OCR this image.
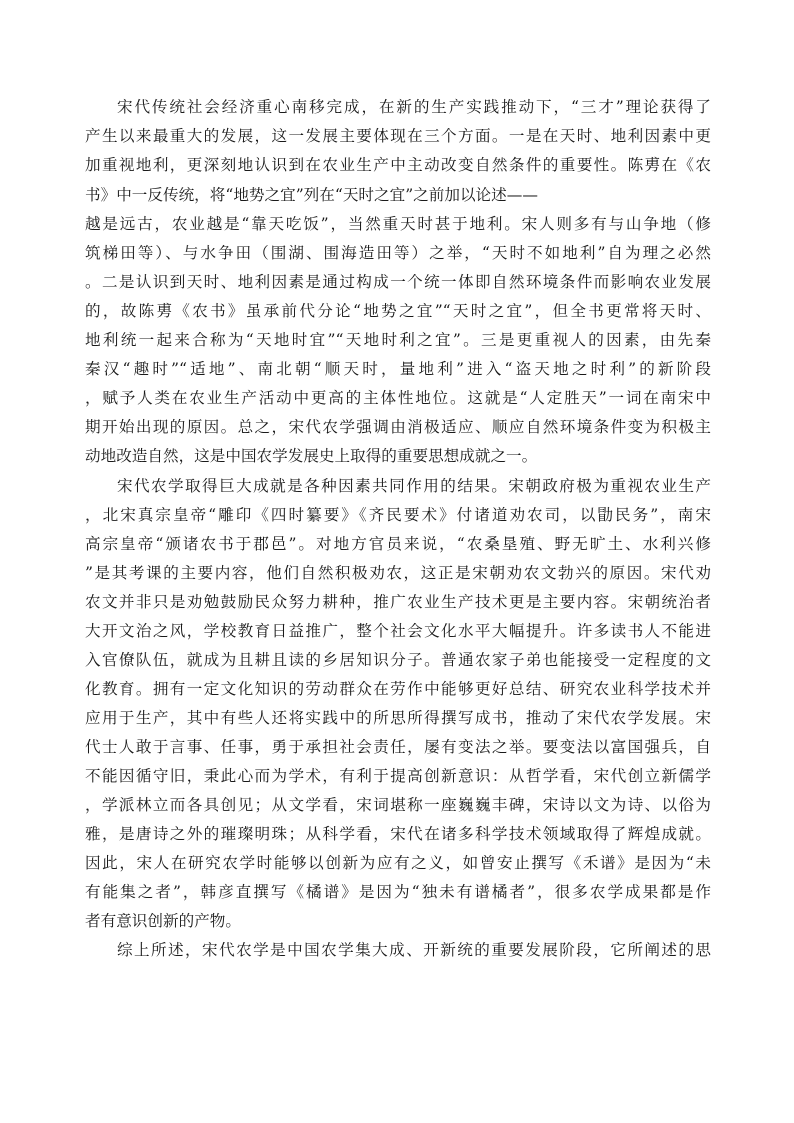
宋代传统社会经济重心南移完成，在新的生产实践推动下，“三才”理论获得了
产生以来最重大的发展，这一发展主要体现在三个方面。一是在天时、地利因素中更
加重视地利，更深刻地认识到在农业生产中主动改变自然条件的重要性。陈旉在《农
书》中一反传统，将“地势之宜”列在“天时之宜”之前加以论述——
越是远古，农业越是“靠天吃饭”，当然重天时甚于地利。宋人则多有与山争地（修
筑梯田等）、与水争田（围湖、围海造田等）之举，“天时不如地利”自为理之必然
。二是认识到天时、地利因素是通过构成一个统一体即自然环境条件而影响农业发展
的，故陈旉《农书》虽承前代分论“地势之宜”“天时之宜”，但全书更常将天时、
地利统一起来合称为“天地时宜”“天地时利之宜”。三是更重视人的因素，由先秦
秦汉“趣时”“适地”、南北朝“顺天时，量地利”进入“盗天地之时利”的新阶段
，赋予人类在农业生产活动中更高的主体性地位。这就是“人定胜天”一词在南宋中
期开始出现的原因。总之，宋代农学强调由消极适应、顺应自然环境条件变为积极主
动地改造自然，这是中国农学发展史上取得的重要思想成就之一。
宋代农学取得巨大成就是各种因素共同作用的结果。宋朝政府极为重视农业生产
，北宋真宗皇帝“雕印《四时纂要》《齐民要术》付诸道劝农司，以勖民务”，南宋
高宗皇帝“颁诸农书于郡邑”。对地方官员来说，“农桑垦殖、野无旷土、水利兴修
”是其考课的主要内容，他们自然积极劝农，这正是宋朝劝农文勃兴的原因。宋代劝
农文并非只是劝勉鼓励民众努力耕种，推广农业生产技术更是主要内容。宋朝统治者
大开文治之风，学校教育日益推广，整个社会文化水平大幅提升。许多读书人不能进
入官僚队伍，就成为且耕且读的乡居知识分子。普通农家子弟也能接受一定程度的文
化教育。拥有一定文化知识的劳动群众在劳作中能够更好总结、研究农业科学技术并
应用于生产，其中有些人还将实践中的所思所得撰写成书，推动了宋代农学发展。宋
代士人敢于言事、任事，勇于承担社会责任，屡有变法之举。要变法以富国强兵，自
不能因循守旧，秉此心而为学术，有利于提高创新意识：从哲学看，宋代创立新儒学
，学派林立而各具创见；从文学看，宋词堪称一座巍巍丰碑，宋诗以文为诗、以俗为
雅，是唐诗之外的璀璨明珠；从科学看，宋代在诸多科学技术领域取得了辉煌成就。
因此，宋人在研究农学时能够以创新为应有之义，如曾安止撰写《禾谱》是因为“未
有能集之者”，韩彦直撰写《橘谱》是因为“独未有谱橘者”，很多农学成果都是作
者有意识创新的产物。
综上所述，宋代农学是中国农学集大成、开新统的重要发展阶段，它所阐述的思
